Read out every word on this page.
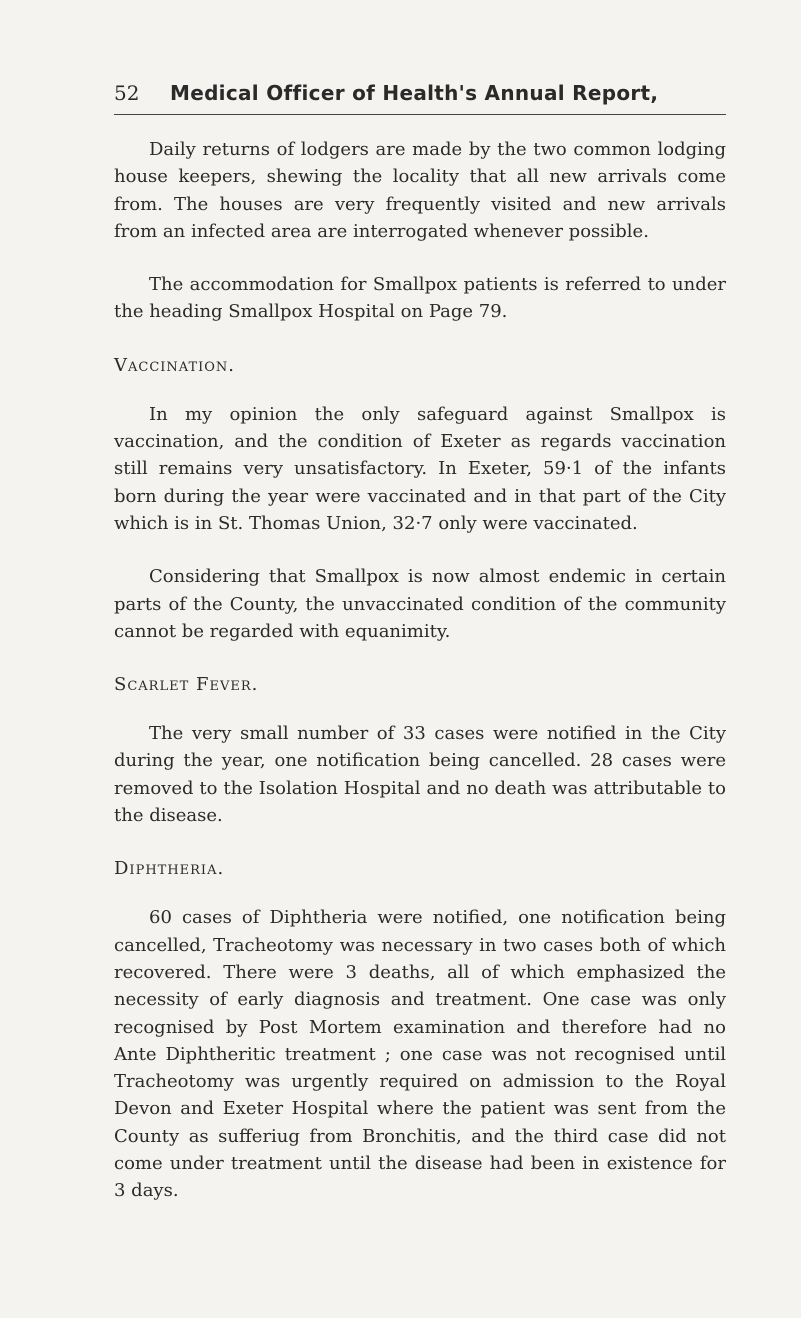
52 Medical Officer of Health's Annual Report,

Daily returns of lodgers are made by the two common lodging house keepers, shewing the locality that all new arrivals come from. The houses are very frequently visited and new arrivals from an infected area are interrogated whenever possible.

The accommodation for Smallpox patients is referred to under the heading Smallpox Hospital on Page 79.

Vaccination.

In my opinion the only safeguard against Smallpox is vaccination, and the condition of Exeter as regards vaccination still remains very unsatisfactory. In Exeter, 59·1 of the infants born during the year were vaccinated and in that part of the City which is in St. Thomas Union, 32·7 only were vaccinated.

Considering that Smallpox is now almost endemic in certain parts of the County, the unvaccinated condition of the community cannot be regarded with equanimity.

Scarlet Fever.

The very small number of 33 cases were notified in the City during the year, one notification being cancelled. 28 cases were removed to the Isolation Hospital and no death was attributable to the disease.

Diphtheria.

60 cases of Diphtheria were notified, one notification being cancelled, Tracheotomy was necessary in two cases both of which recovered. There were 3 deaths, all of which emphasized the necessity of early diagnosis and treatment. One case was only recognised by Post Mortem examination and therefore had no Ante Diphtheritic treatment ; one case was not recognised until Tracheotomy was urgently required on admission to the Royal Devon and Exeter Hospital where the patient was sent from the County as sufferiug from Bronchitis, and the third case did not come under treatment until the disease had been in existence for 3 days.
